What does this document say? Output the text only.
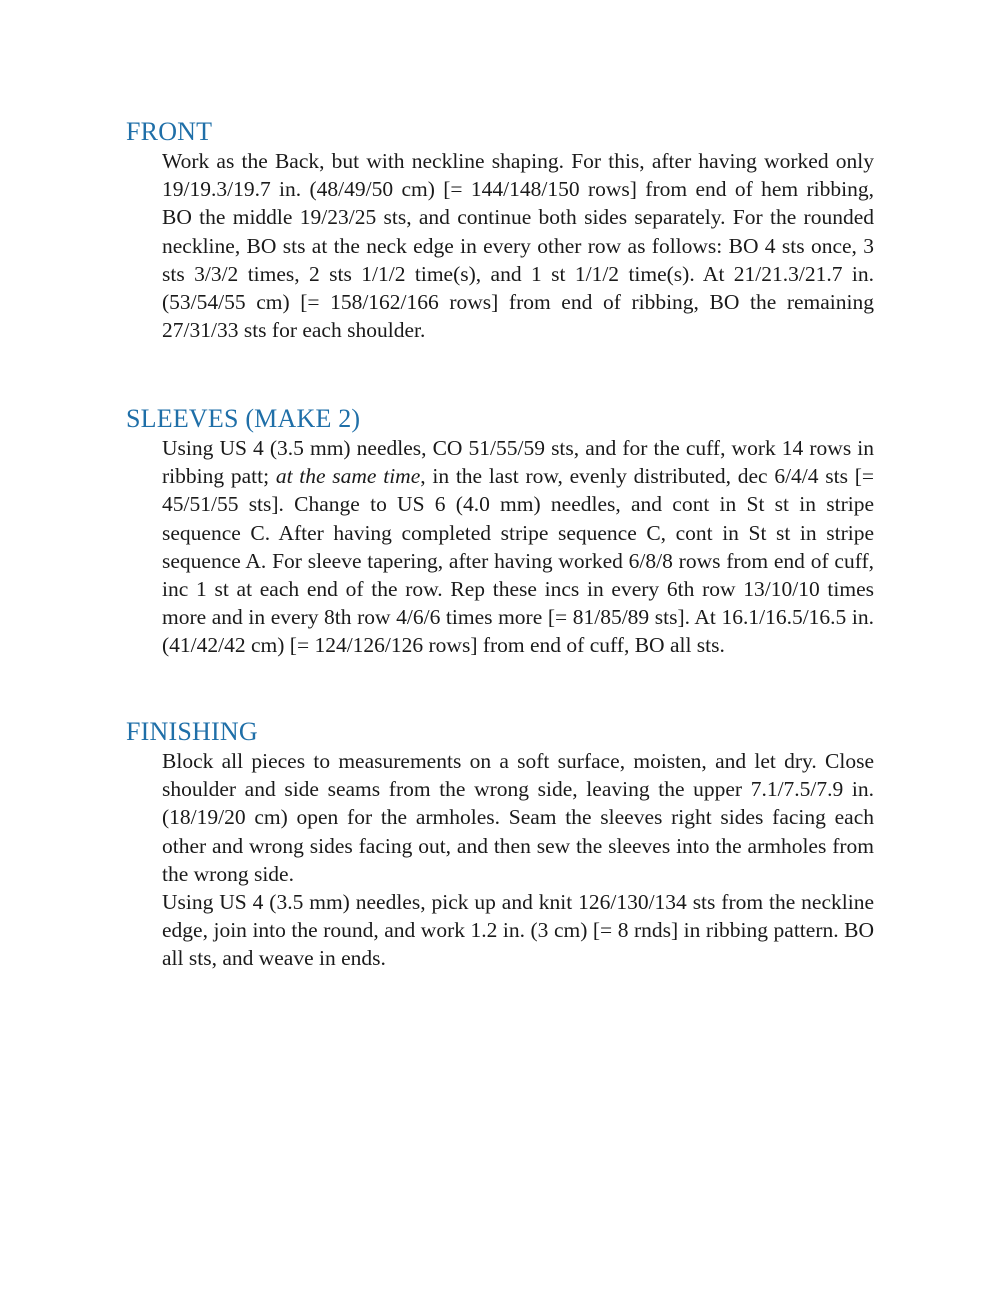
FRONT

Work as the Back, but with neckline shaping. For this, after having worked only 19/19.3/19.7 in. (48/49/50 cm) [= 144/148/150 rows] from end of hem ribbing, BO the middle 19/23/25 sts, and continue both sides separately. For the rounded neckline, BO sts at the neck edge in every other row as follows: BO 4 sts once, 3 sts 3/3/2 times, 2 sts 1/1/2 time(s), and 1 st 1/1/2 time(s). At 21/21.3/21.7 in. (53/54/55 cm) [= 158/162/166 rows] from end of ribbing, BO the remaining 27/31/33 sts for each shoulder.

SLEEVES (MAKE 2)

Using US 4 (3.5 mm) needles, CO 51/55/59 sts, and for the cuff, work 14 rows in ribbing patt; at the same time, in the last row, evenly distributed, dec 6/4/4 sts [= 45/51/55 sts]. Change to US 6 (4.0 mm) needles, and cont in St st in stripe sequence C. After having completed stripe sequence C, cont in St st in stripe sequence A. For sleeve tapering, after having worked 6/8/8 rows from end of cuff, inc 1 st at each end of the row. Rep these incs in every 6th row 13/10/10 times more and in every 8th row 4/6/6 times more [= 81/85/89 sts]. At 16.1/16.5/16.5 in. (41/42/42 cm) [= 124/126/126 rows] from end of cuff, BO all sts.

FINISHING

Block all pieces to measurements on a soft surface, moisten, and let dry. Close shoulder and side seams from the wrong side, leaving the upper 7.1/7.5/7.9 in. (18/19/20 cm) open for the armholes. Seam the sleeves right sides facing each other and wrong sides facing out, and then sew the sleeves into the armholes from the wrong side.

Using US 4 (3.5 mm) needles, pick up and knit 126/130/134 sts from the neckline edge, join into the round, and work 1.2 in. (3 cm) [= 8 rnds] in ribbing pattern. BO all sts, and weave in ends.
